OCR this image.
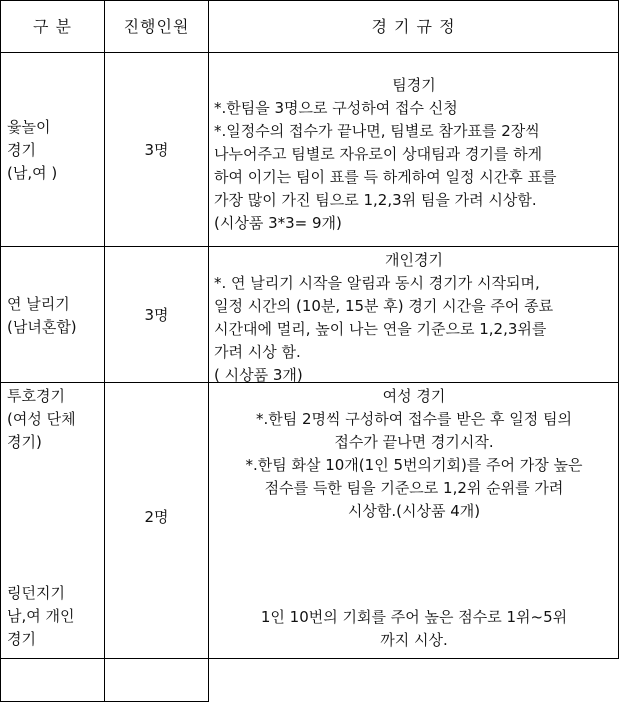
구 분	진행인원	경 기 규 정
윷놀이
경기
(남,여 )
3명
팀경기
*.한팀을 3명으로 구성하여 접수 신청
*.일정수의 접수가 끝나면, 팀별로 참가표를 2장씩
나누어주고 팀별로 자유로이 상대팀과 경기를 하게
하여 이기는 팀이 표를 득 하게하여 일정 시간후 표를
가장 많이 가진 팀으로 1,2,3위 팀을 가려 시상함.
(시상품 3*3= 9개)
연 날리기
(남녀혼합)
3명
개인경기
*. 연 날리기 시작을 알림과 동시 경기가 시작되며,
일정 시간의 (10분, 15분 후) 경기 시간을 주어 종료
시간대에 멀리, 높이 나는 연을 기준으로 1,2,3위를
가려 시상 함.
( 시상품 3개)
투호경기
(여성 단체
경기)
링던지기
남,여 개인
경기
2명
여성 경기
*.한팀 2명씩 구성하여 접수를 받은 후 일정 팀의
접수가 끝나면 경기시작.
*.한팀 화살 10개(1인 5번의기회)를 주어 가장 높은
점수를 득한 팀을 기준으로 1,2위 순위를 가려
시상함.(시상품 4개)
1인 10번의 기회를 주어 높은 점수로 1위~5위
까지 시상.
